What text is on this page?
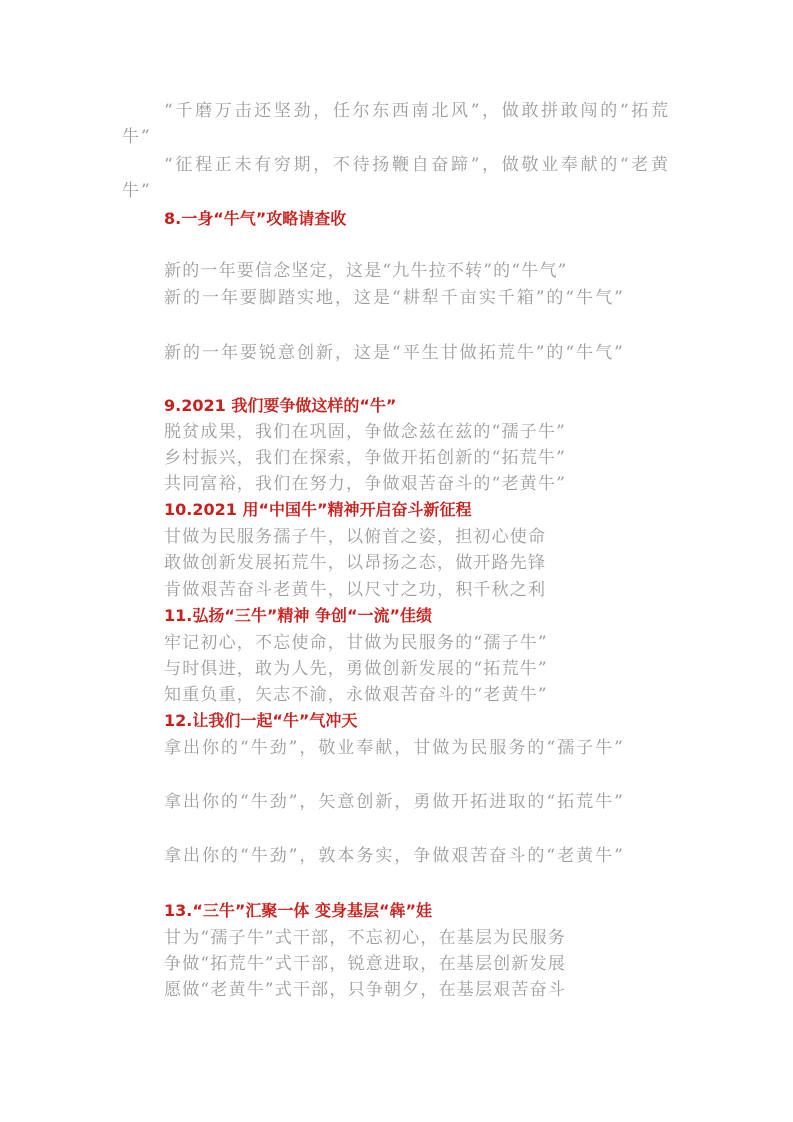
“千磨万击还坚劲，任尔东西南北风”，做敢拼敢闯的“拓荒牛”
“征程正未有穷期，不待扬鞭自奋蹄”，做敬业奉献的“老黄牛”
8.一身“牛气”攻略请查收
新的一年要信念坚定，这是“九牛拉不转”的“牛气”
新的一年要脚踏实地，这是“耕犁千亩实千箱”的“牛气”
新的一年要锐意创新，这是“平生甘做拓荒牛”的“牛气”
9.2021 我们要争做这样的“牛”
脱贫成果，我们在巩固，争做念兹在兹的“孺子牛”
乡村振兴，我们在探索，争做开拓创新的“拓荒牛”
共同富裕，我们在努力，争做艰苦奋斗的“老黄牛”
10.2021 用“中国牛”精神开启奋斗新征程
甘做为民服务孺子牛，以俯首之姿，担初心使命
敢做创新发展拓荒牛，以昂扬之态，做开路先锋
肯做艰苦奋斗老黄牛，以尺寸之功，积千秋之利
11.弘扬“三牛”精神 争创“一流”佳绩
牢记初心，不忘使命，甘做为民服务的“孺子牛”
与时俱进，敢为人先，勇做创新发展的“拓荒牛”
知重负重，矢志不渝，永做艰苦奋斗的“老黄牛”
12.让我们一起“牛”气冲天
拿出你的“牛劲”，敬业奉献，甘做为民服务的“孺子牛”
拿出你的“牛劲”，矢意创新，勇做开拓进取的“拓荒牛”
拿出你的“牛劲”，敦本务实，争做艰苦奋斗的“老黄牛”
13.“三牛”汇聚一体 变身基层“犇”娃
甘为“孺子牛”式干部，不忘初心，在基层为民服务
争做“拓荒牛”式干部，锐意进取，在基层创新发展
愿做“老黄牛”式干部，只争朝夕，在基层艰苦奋斗
